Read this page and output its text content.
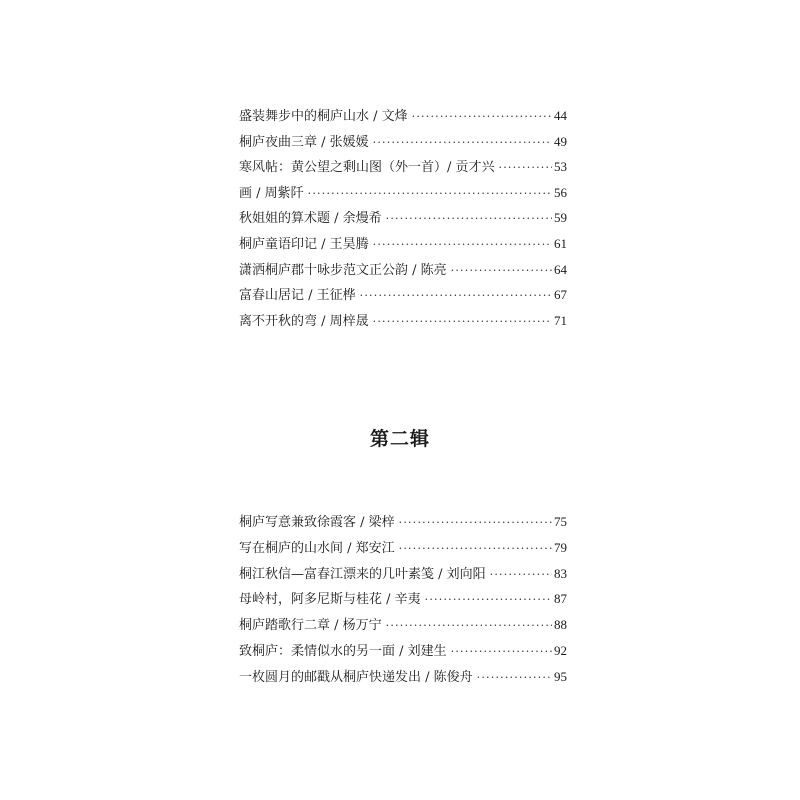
盛装舞步中的桐庐山水 / 文烽 ·····	44
桐庐夜曲三章 / 张媛媛 ·····	49
寒风帖：黄公望之剩山图（外一首）/ 贡才兴 ·····	53
画 / 周紫阡 ·····	56
秋姐姐的算术题 / 余熳希 ·····	59
桐庐童语印记 / 王昊腾 ·····	61
潇洒桐庐郡十咏步范文正公韵 / 陈亮 ·····	64
富春山居记 / 王征桦 ·····	67
离不开秋的弯 / 周梓晟 ·····	71
第二辑
桐庐写意兼致徐霞客 / 梁梓 ·····	75
写在桐庐的山水间 / 郑安江 ·····	79
桐江秋信—富春江漂来的几叶素笺 / 刘向阳 ·····	83
母岭村，阿多尼斯与桂花 / 辛夷 ·····	87
桐庐踏歌行二章 / 杨万宁 ·····	88
致桐庐：柔情似水的另一面 / 刘建生 ·····	92
一枚圆月的邮戳从桐庐快递发出 / 陈俊舟 ·····	95
